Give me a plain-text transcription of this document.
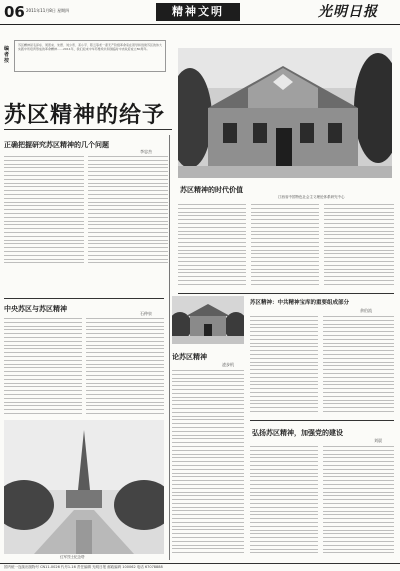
06 2011年11月8日 星期四	精神文明	光明日报
编者按
苏区精神是毛泽东、周恩来、朱德、刘少奇、邓小平、陈云等老一辈无产阶级革命家在领导和创建苏区的伟大实践中所培育形成的革命精神……2011年，我们迎来中华苏维埃共和国临时中央政府成立80周年。
苏区精神的给予
正确把握研究苏区精神的几个问题
李忠杰
苏区精神的时代价值
江西省中国特色社会主义理论体系研究中心
中央苏区与苏区精神
石仲泉
红军烈士纪念塔
苏区精神：中共精神宝库的重要组成部分
余伯流
论苏区精神
凌步机
弘扬苏区精神，加强党的建设
刘晨
国内统一连续出版物号 CN11-0026 代号1-16 责任编辑 光明日报 邮政编码 100062 电话 67078888
